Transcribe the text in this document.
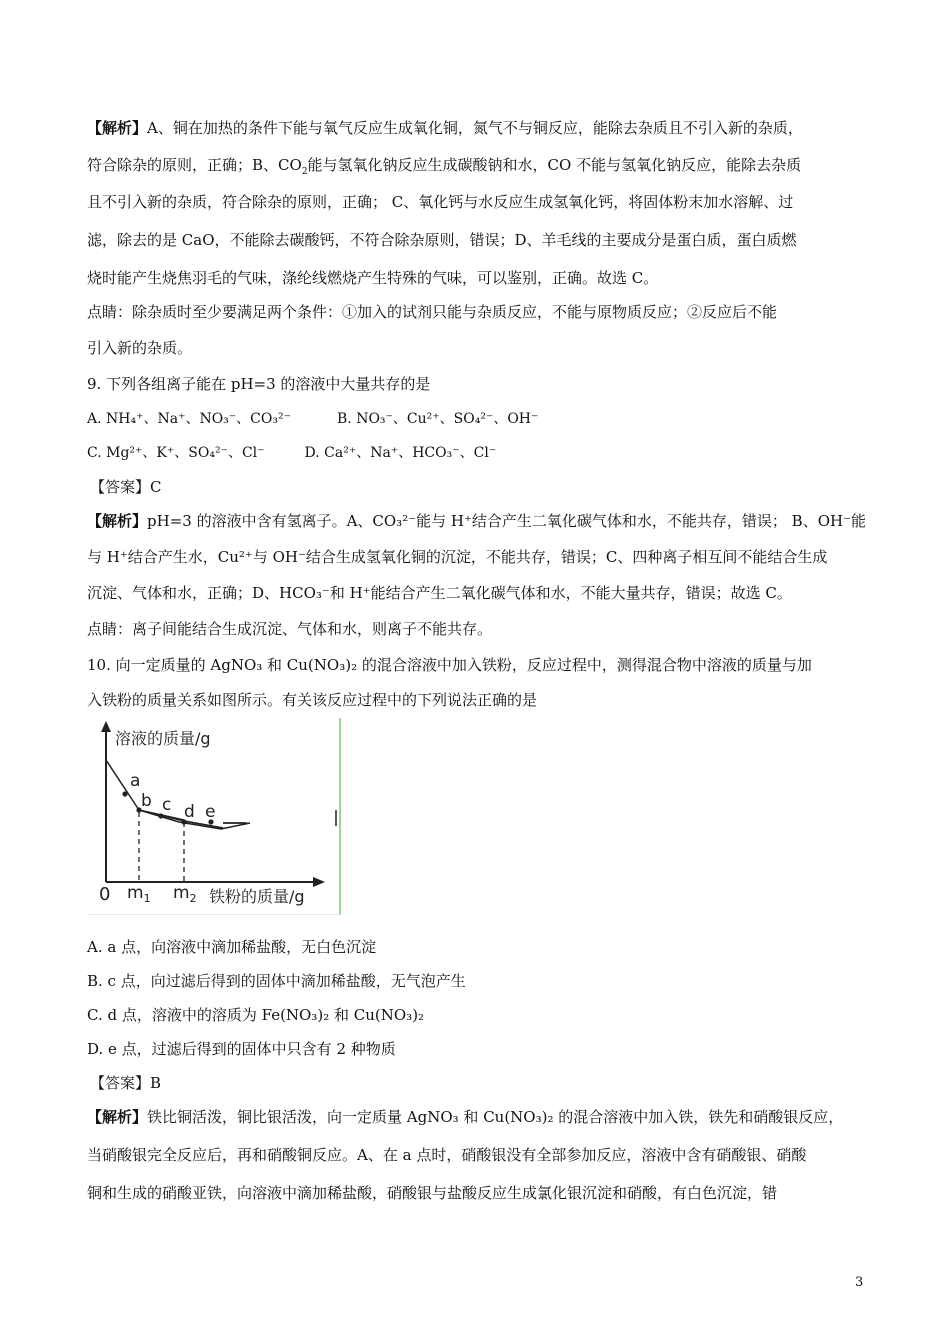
【解析】A、铜在加热的条件下能与氧气反应生成氧化铜，氮气不与铜反应，能除去杂质且不引入新的杂质，
符合除杂的原则，正确；B、$CO_2$能与氢氧化钠反应生成碳酸钠和水，CO 不能与氢氧化钠反应，能除去杂质
且不引入新的杂质，符合除杂的原则，正确； C、氧化钙与水反应生成氢氧化钙，将固体粉末加水溶解、过
滤，除去的是 CaO，不能除去碳酸钙，不符合除杂原则，错误；D、羊毛线的主要成分是蛋白质，蛋白质燃
烧时能产生烧焦羽毛的气味，涤纶线燃烧产生特殊的气味，可以鉴别，正确。故选 C。
点睛：除杂质时至少要满足两个条件：①加入的试剂只能与杂质反应，不能与原物质反应；②反应后不能
引入新的杂质。
9. 下列各组离子能在 pH=3 的溶液中大量共存的是
A. NH₄⁺、Na⁺、NO₃⁻、CO₃²⁻	B. NO₃⁻、Cu²⁺、SO₄²⁻、OH⁻
C. Mg²⁺、K⁺、SO₄²⁻、Cl⁻	D. Ca²⁺、Na⁺、HCO₃⁻、Cl⁻
【答案】C
【解析】pH=3 的溶液中含有氢离子。A、CO₃²⁻能与 H⁺结合产生二氧化碳气体和水，不能共存，错误； B、OH⁻能
与 H⁺结合产生水，Cu²⁺与 OH⁻结合生成氢氧化铜的沉淀，不能共存，错误；C、四种离子相互间不能结合生成
沉淀、气体和水，正确；D、HCO₃⁻和 H⁺能结合产生二氧化碳气体和水，不能大量共存，错误；故选 C。
点睛：离子间能结合生成沉淀、气体和水，则离子不能共存。
10. 向一定质量的 AgNO₃ 和 Cu(NO₃)₂ 的混合溶液中加入铁粉，反应过程中，测得混合物中溶液的质量与加
入铁粉的质量关系如图所示。有关该反应过程中的下列说法正确的是
a
b c d e
溶液的质量/g
0 $m_1$ $m_2$ 铁粉的质量/g
A. a 点，向溶液中滴加稀盐酸，无白色沉淀
B. c 点，向过滤后得到的固体中滴加稀盐酸，无气泡产生
C. d 点，溶液中的溶质为 Fe(NO₃)₂ 和 Cu(NO₃)₂
D. e 点，过滤后得到的固体中只含有 2 种物质
【答案】B
【解析】铁比铜活泼，铜比银活泼，向一定质量 AgNO₃ 和 Cu(NO₃)₂ 的混合溶液中加入铁，铁先和硝酸银反应，
当硝酸银完全反应后，再和硝酸铜反应。A、在 a 点时，硝酸银没有全部参加反应，溶液中含有硝酸银、硝酸
铜和生成的硝酸亚铁，向溶液中滴加稀盐酸，硝酸银与盐酸反应生成氯化银沉淀和硝酸，有白色沉淀，错
3
